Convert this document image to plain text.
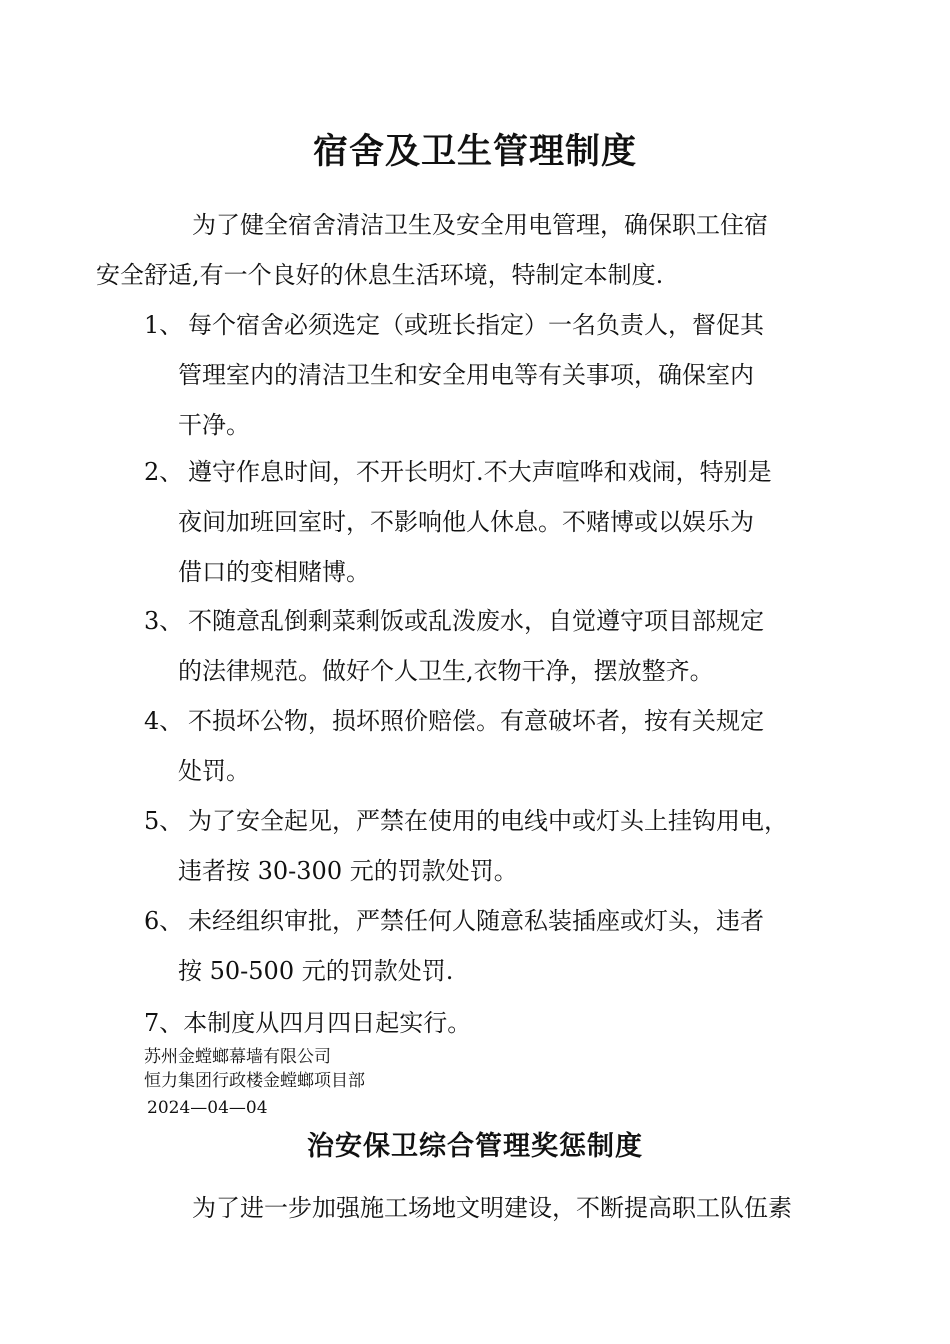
宿舍及卫生管理制度
为了健全宿舍清洁卫生及安全用电管理，确保职工住宿
安全舒适,有一个良好的休息生活环境，特制定本制度.
1、 每个宿舍必须选定（或班长指定）一名负责人，督促其
管理室内的清洁卫生和安全用电等有关事项，确保室内
干净。
2、 遵守作息时间，不开长明灯.不大声喧哗和戏闹，特别是
夜间加班回室时，不影响他人休息。不赌博或以娱乐为
借口的变相赌博。
3、 不随意乱倒剩菜剩饭或乱泼废水，自觉遵守项目部规定
的法律规范。做好个人卫生,衣物干净，摆放整齐。
4、 不损坏公物，损坏照价赔偿。有意破坏者，按有关规定
处罚。
5、 为了安全起见，严禁在使用的电线中或灯头上挂钩用电，
违者按 30-300 元的罚款处罚。
6、 未经组织审批，严禁任何人随意私装插座或灯头，违者
按 50-500 元的罚款处罚.
7、本制度从四月四日起实行。
苏州金螳螂幕墙有限公司
恒力集团行政楼金螳螂项目部
2024—04—04
治安保卫综合管理奖惩制度
为了进一步加强施工场地文明建设，不断提高职工队伍素
